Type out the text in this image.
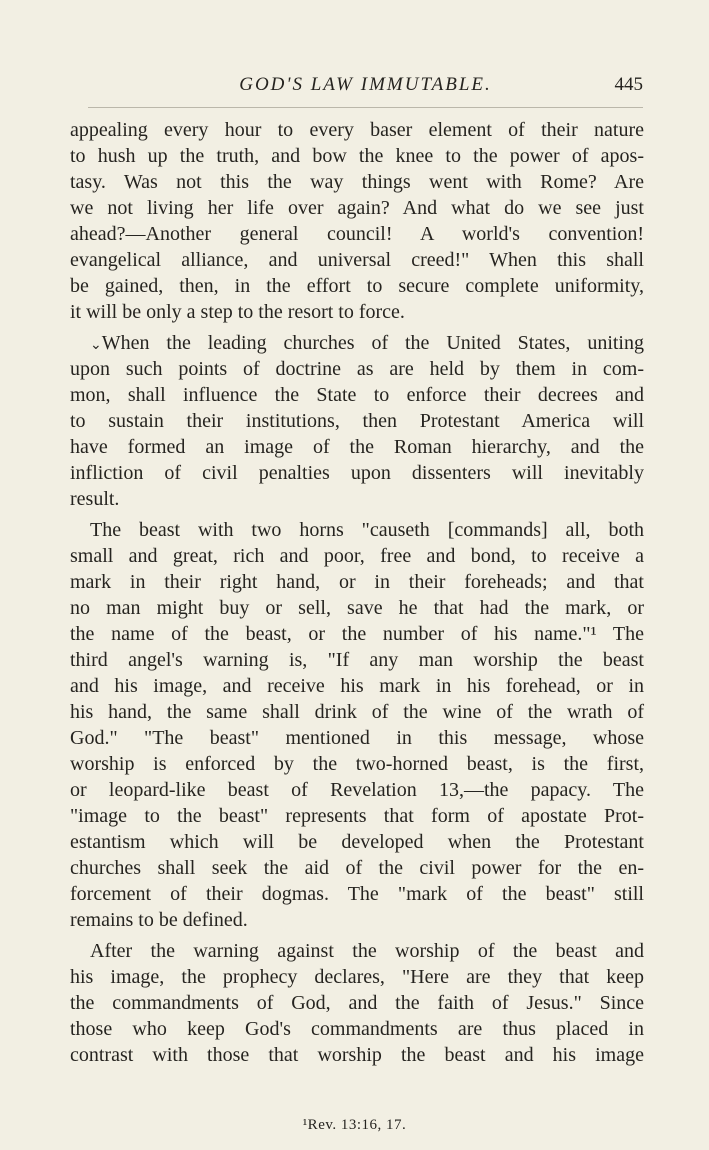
GOD'S LAW IMMUTABLE.	445
appealing every hour to every baser element of their nature
to hush up the truth, and bow the knee to the power of apos-
tasy. Was not this the way things went with Rome? Are
we not living her life over again? And what do we see just
ahead?—Another general council! A world's convention!
evangelical alliance, and universal creed!" When this shall
be gained, then, in the effort to secure complete uniformity,
it will be only a step to the resort to force.
⌄When the leading churches of the United States, uniting
upon such points of doctrine as are held by them in com-
mon, shall influence the State to enforce their decrees and
to sustain their institutions, then Protestant America will
have formed an image of the Roman hierarchy, and the
infliction of civil penalties upon dissenters will inevitably
result.
The beast with two horns "causeth [commands] all, both
small and great, rich and poor, free and bond, to receive a
mark in their right hand, or in their foreheads; and that
no man might buy or sell, save he that had the mark, or
the name of the beast, or the number of his name."¹ The
third angel's warning is, "If any man worship the beast
and his image, and receive his mark in his forehead, or in
his hand, the same shall drink of the wine of the wrath of
God." "The beast" mentioned in this message, whose
worship is enforced by the two-horned beast, is the first,
or leopard-like beast of Revelation 13,—the papacy. The
"image to the beast" represents that form of apostate Prot-
estantism which will be developed when the Protestant
churches shall seek the aid of the civil power for the en-
forcement of their dogmas. The "mark of the beast" still
remains to be defined.
After the warning against the worship of the beast and
his image, the prophecy declares, "Here are they that keep
the commandments of God, and the faith of Jesus." Since
those who keep God's commandments are thus placed in
contrast with those that worship the beast and his image
¹Rev. 13:16, 17.
